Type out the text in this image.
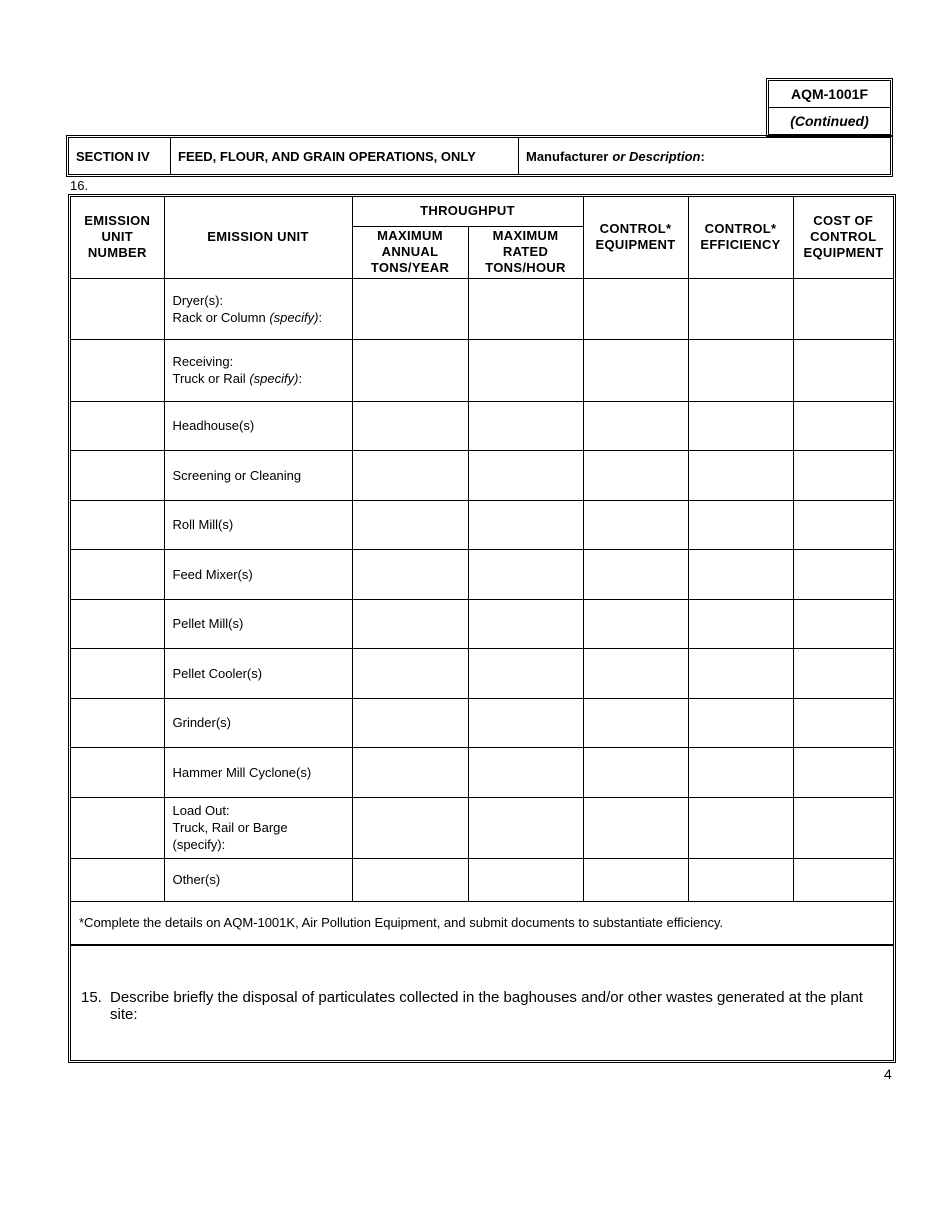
AQM-1001F
(Continued)
SECTION IV	FEED, FLOUR, AND GRAIN OPERATIONS, ONLY	Manufacturer or Description :
16.
EMISSION UNIT NUMBER	EMISSION UNIT	THROUGHPUT		CONTROL* EQUIPMENT	CONTROL* EFFICIENCY	COST OF CONTROL EQUIPMENT
		MAXIMUM ANNUAL TONS/YEAR	MAXIMUM RATED TONS/HOUR			
	Dryer(s):
Rack or Column (specify):					
	Receiving:
Truck or Rail (specify):					
	Headhouse(s)					
	Screening or Cleaning					
	Roll Mill(s)					
	Feed Mixer(s)					
	Pellet Mill(s)					
	Pellet Cooler(s)					
	Grinder(s)					
	Hammer Mill Cyclone(s)					
	Load Out:
Truck, Rail or Barge
(specify):					
	Other(s)					
*Complete the details on AQM-1001K, Air Pollution Equipment, and submit documents to substantiate efficiency.						
15. Describe briefly the disposal of particulates collected in the baghouses and/or other wastes generated at the plant site:
4
